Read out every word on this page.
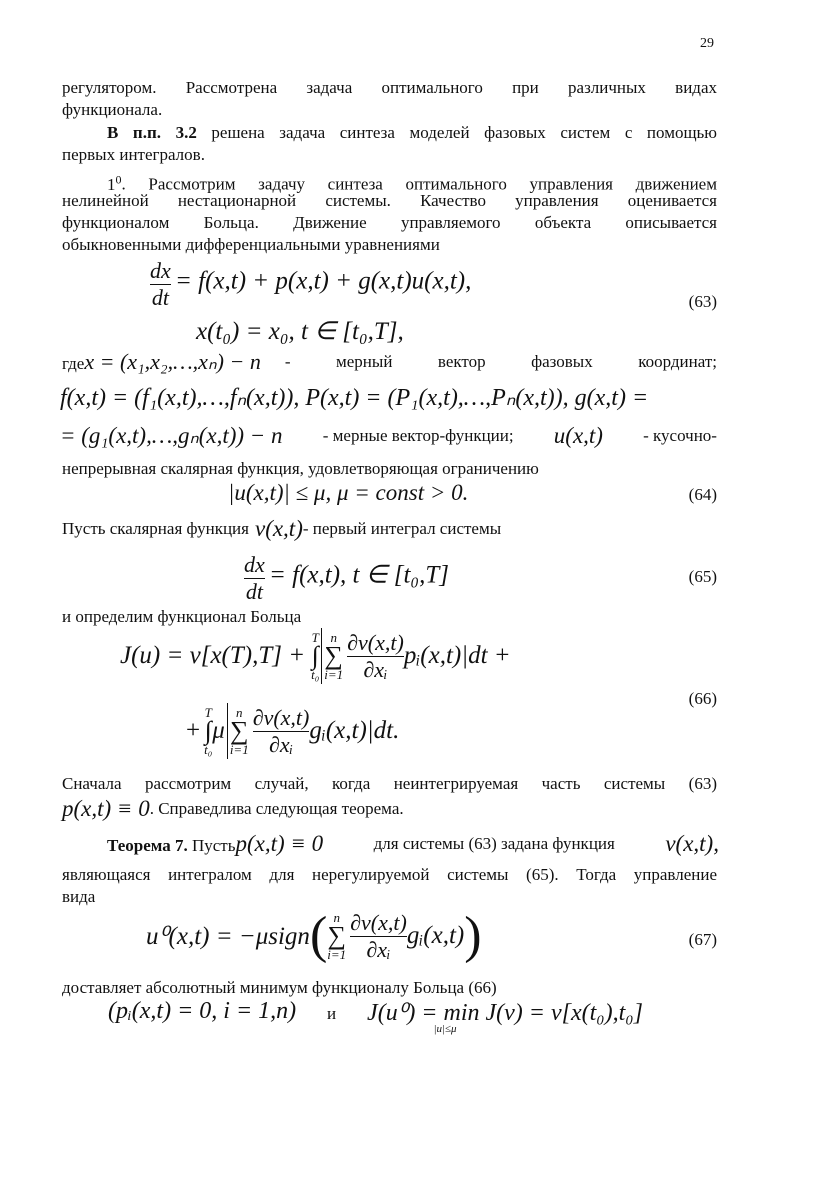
29
регулятором. Рассмотрена задача оптимального при различных видах
функционала.
В п.п. 3.2 решена задача синтеза моделей фазовых систем с помощью
первых интегралов.
$1^0$. Рассмотрим задачу синтеза оптимального управления движением
нелинейной нестационарной системы. Качество управления оценивается
функционалом Больца. Движение управляемого объекта описывается
обыкновенными дифференциальными уравнениями
$\frac{dx}{dt} = f(x,t) + p(x,t) + g(x,t)u(x,t)$,
x(t₀) = x₀, t ∈ [t₀,T],
(63)
гдеx = (x₁,x₂,…,xₙ) − n - мерный вектор фазовых координат;
f(x,t) = (f₁(x,t),…,fₙ(x,t)), P(x,t) = (P₁(x,t),…,Pₙ(x,t)), g(x,t) =
= (g₁(x,t),…,gₙ(x,t)) − n - мерные вектор-функции; u(x,t) - кусочно-
непрерывная скалярная функция, удовлетворяющая ограничению
|u(x,t)| ≤ μ, μ = const > 0.	(64)
Пусть скалярная функция v(x,t) - первый интеграл системы
$\frac{dx}{dt} = f(x,t)$, t ∈ [t₀,T]	(65)
и определим функционал Больца
J(u) = v[x(T),T] +
T
∫
t₀
n
∑
$i=1 \frac{\partial v(x,t)}{\text{∂xᵢ}}$ pᵢ(x,t)|dt +
+
T
∫
t₀
μ
n
∑
$i=1 \frac{\partial v(x,t)}{\text{∂xᵢ}}$ gᵢ(x,t)|dt.
(66)
Сначала рассмотрим случай, когда неинтегрируемая часть системы (63)
p(x,t) ≡ 0 . Справедлива следующая теорема.
Теорема 7. Пустьp(x,t) ≡ 0	для системы (63) задана функция v(x,t),
являющаяся интегралом для нерегулируемой системы (65). Тогда управление
вида
u⁰(x,t) = −μsign ( n
∑
$i=1 \frac{\partial v(x,t)}{\text{∂xᵢ}}$ gᵢ(x,t) )	(67)
доставляет абсолютный минимум функционалу Больца (66)
(pᵢ(x,t) = 0, i = 1,n) и J(u⁰) = min J(v) = v[x(t₀),t₀]
|u|≤μ
